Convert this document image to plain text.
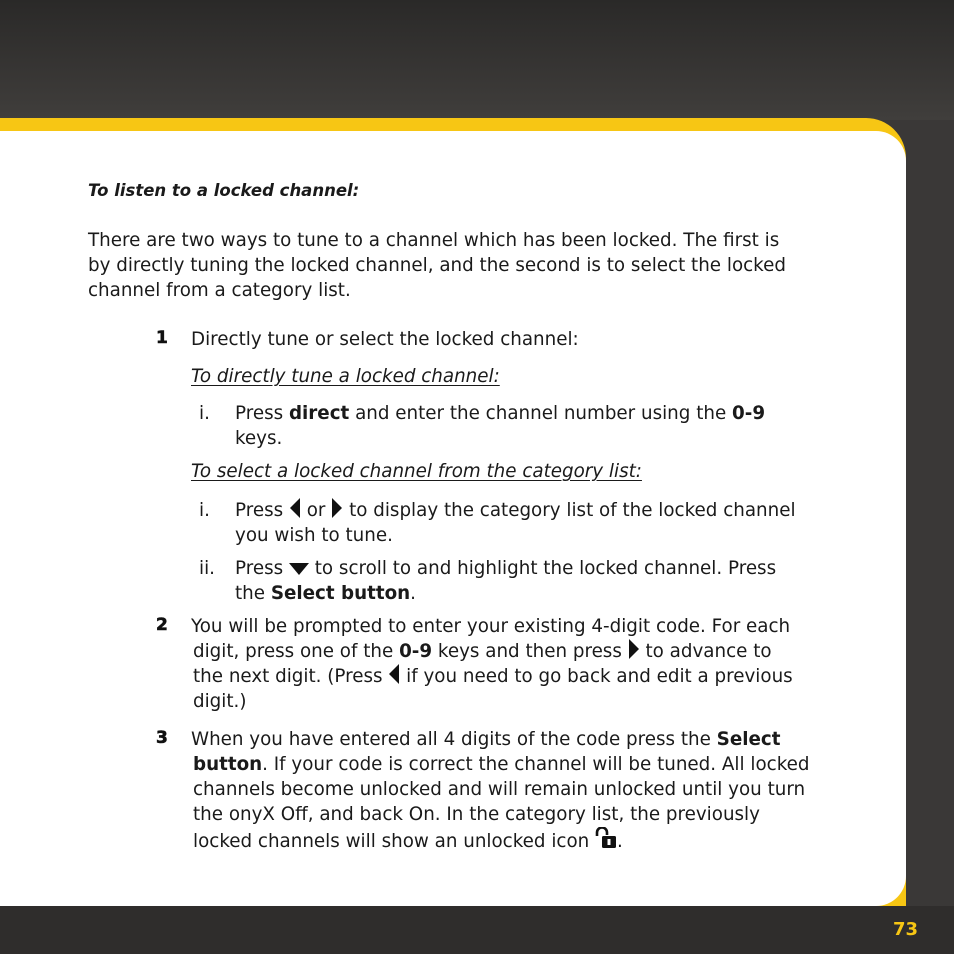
To listen to a locked channel:

There are two ways to tune to a channel which has been locked. The first is

by directly tuning the locked channel, and the second is to select the locked

channel from a category list.

1 Directly tune or select the locked channel:

To directly tune a locked channel:

i. Press direct and enter the channel number using the 0-9

keys.

To select a locked channel from the category list:

i. Press or to display the category list of the locked channel

you wish to tune.

ii. Press to scroll to and highlight the locked channel. Press

the Select button.

2 You will be prompted to enter your existing 4-digit code. For each

digit, press one of the 0-9 keys and then press to advance to

the next digit. (Press if you need to go back and edit a previous

digit.)

3 When you have entered all 4 digits of the code press the Select

button. If your code is correct the channel will be tuned. All locked

channels become unlocked and will remain unlocked until you turn

the onyX Off, and back On. In the category list, the previously

locked channels will show an unlocked icon .

73
